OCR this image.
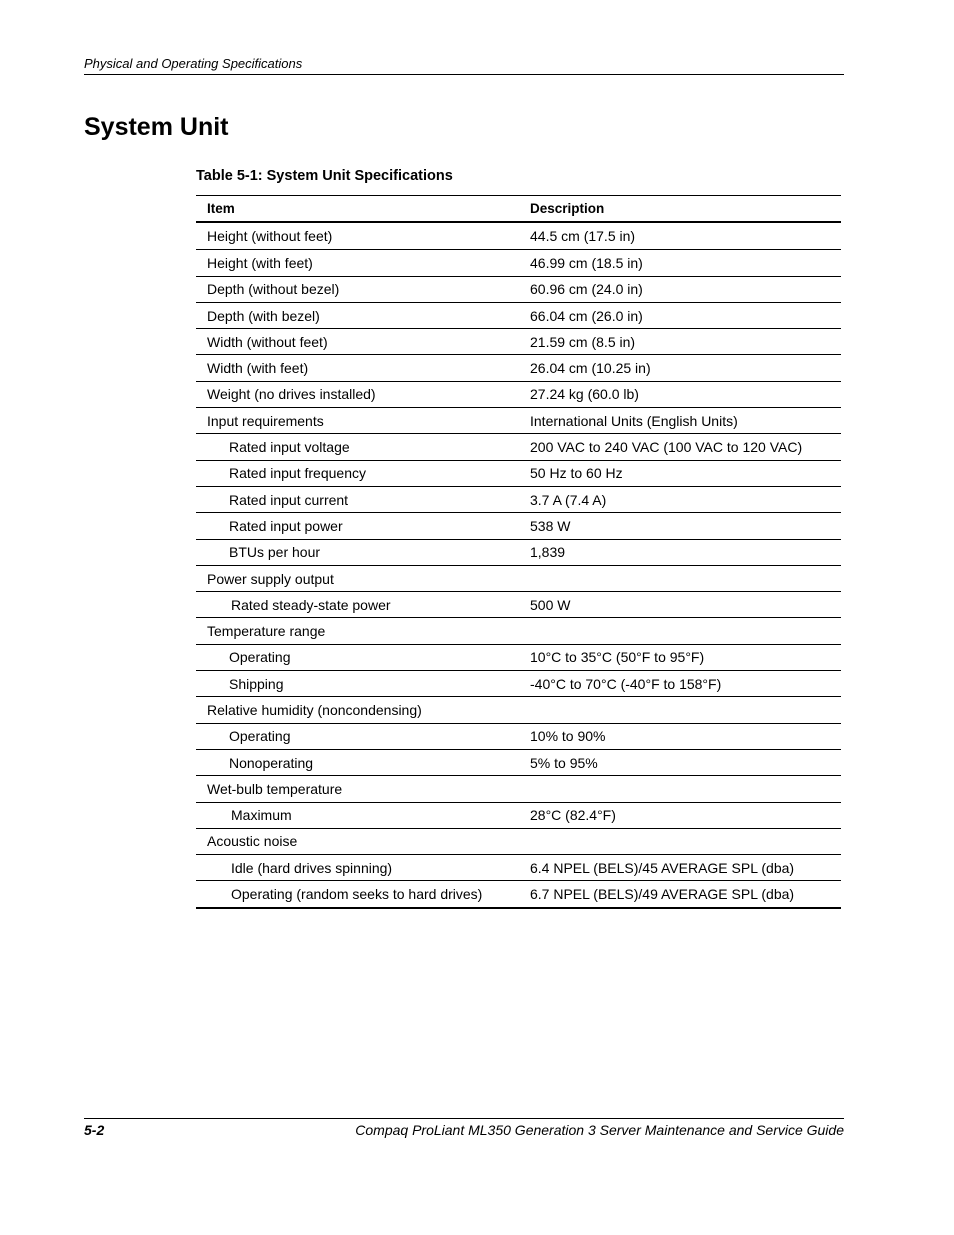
Physical and Operating Specifications
System Unit
Table 5-1: System Unit Specifications
Item	Description
Height (without feet)	44.5 cm (17.5 in)
Height (with feet)	46.99 cm (18.5 in)
Depth (without bezel)	60.96 cm (24.0 in)
Depth (with bezel)	66.04 cm (26.0 in)
Width (without feet)	21.59 cm (8.5 in)
Width (with feet)	26.04 cm (10.25 in)
Weight (no drives installed)	27.24 kg (60.0 lb)
Input requirements	International Units (English Units)
Rated input voltage	200 VAC to 240 VAC (100 VAC to 120 VAC)
Rated input frequency	50 Hz to 60 Hz
Rated input current	3.7 A (7.4 A)
Rated input power	538 W
BTUs per hour	1,839
Power supply output
Rated steady-state power	500 W
Temperature range
Operating	10°C to 35°C (50°F to 95°F)
Shipping	-40°C to 70°C (-40°F to 158°F)
Relative humidity (noncondensing)
Operating	10% to 90%
Nonoperating	5% to 95%
Wet-bulb temperature
Maximum	28°C (82.4°F)
Acoustic noise
Idle (hard drives spinning)	6.4 NPEL (BELS)/45 AVERAGE SPL (dba)
Operating (random seeks to hard drives)	6.7 NPEL (BELS)/49 AVERAGE SPL (dba)
5-2	Compaq ProLiant ML350 Generation 3 Server Maintenance and Service Guide
